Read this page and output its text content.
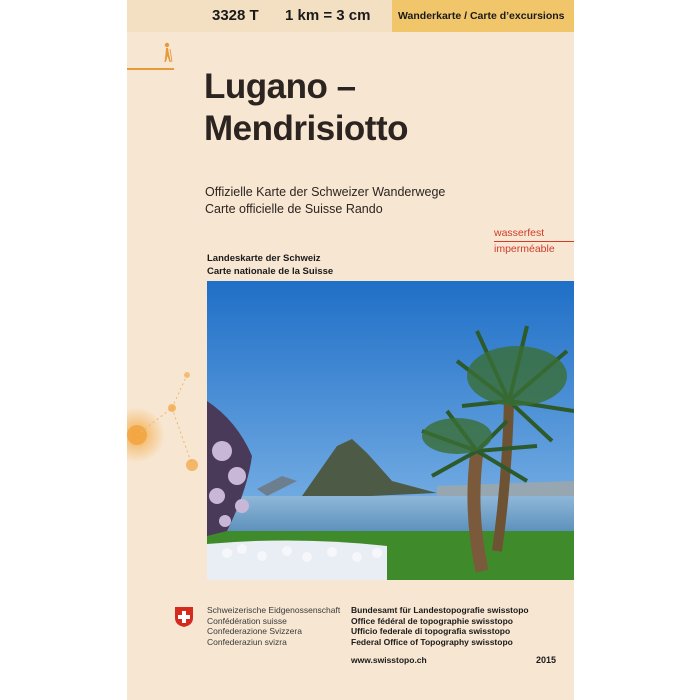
3328 T 1 km = 3 cm	Wanderkarte / Carte d’excursions
Lugano –
Mendrisiotto
Offizielle Karte der Schweizer Wanderwege
Carte officielle de Suisse Rando
wasserfest
imperméable
Landeskarte der Schweiz
Carte nationale de la Suisse
Schweizerische Eidgenossenschaft
Confédération suisse
Confederazione Svizzera
Confederaziun svizra
Bundesamt für Landestopografie swisstopo
Office fédéral de topographie swisstopo
Ufficio federale di topografia swisstopo
Federal Office of Topography swisstopo
www.swisstopo.ch	2015
